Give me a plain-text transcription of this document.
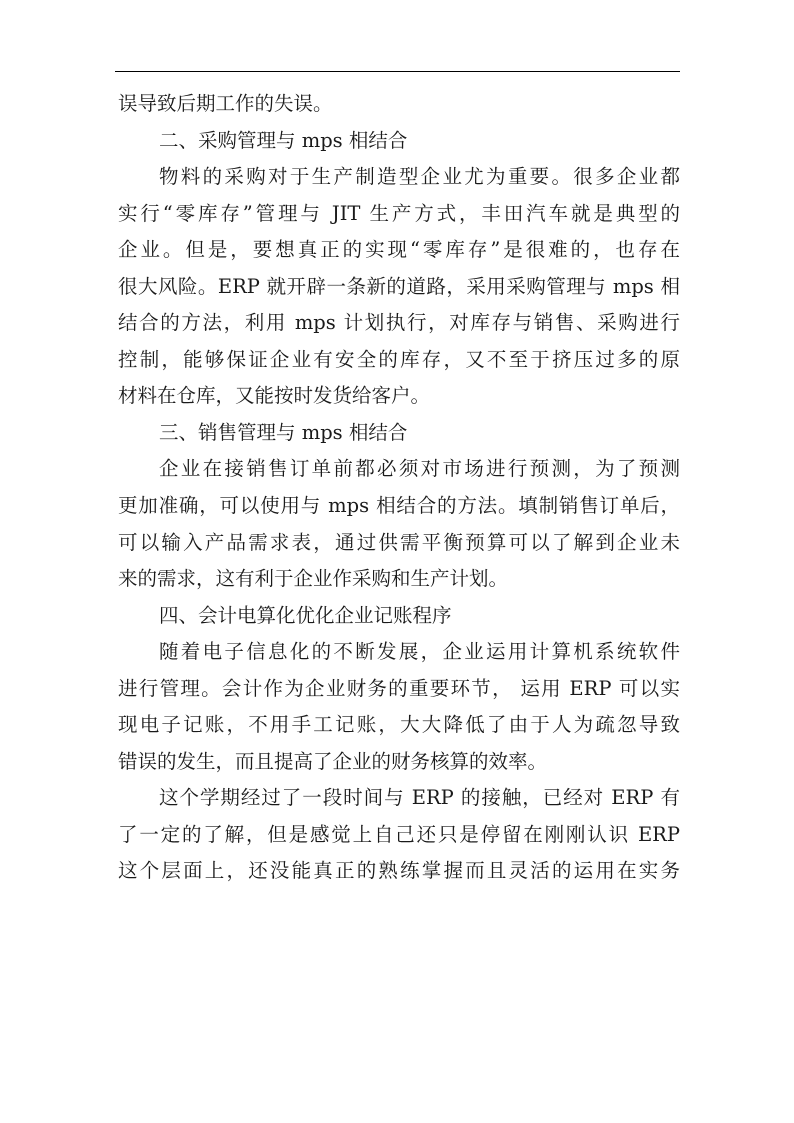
误导致后期工作的失误。
二、采购管理与 mps 相结合
物料的采购对于生产制造型企业尤为重要。很多企业都
实行“零库存”管理与 JIT 生产方式，丰田汽车就是典型的
企业。但是，要想真正的实现“零库存”是很难的，也存在
很大风险。ERP 就开辟一条新的道路，采用采购管理与 mps 相
结合的方法，利用 mps 计划执行，对库存与销售、采购进行
控制，能够保证企业有安全的库存，又不至于挤压过多的原
材料在仓库，又能按时发货给客户。
三、销售管理与 mps 相结合
企业在接销售订单前都必须对市场进行预测，为了预测
更加准确，可以使用与 mps 相结合的方法。填制销售订单后，
可以输入产品需求表，通过供需平衡预算可以了解到企业未
来的需求，这有利于企业作采购和生产计划。
四、会计电算化优化企业记账程序
随着电子信息化的不断发展，企业运用计算机系统软件
进行管理。会计作为企业财务的重要环节， 运用 ERP 可以实
现电子记账，不用手工记账，大大降低了由于人为疏忽导致
错误的发生，而且提高了企业的财务核算的效率。
这个学期经过了一段时间与 ERP 的接触，已经对 ERP 有
了一定的了解，但是感觉上自己还只是停留在刚刚认识 ERP
这个层面上，还没能真正的熟练掌握而且灵活的运用在实务
